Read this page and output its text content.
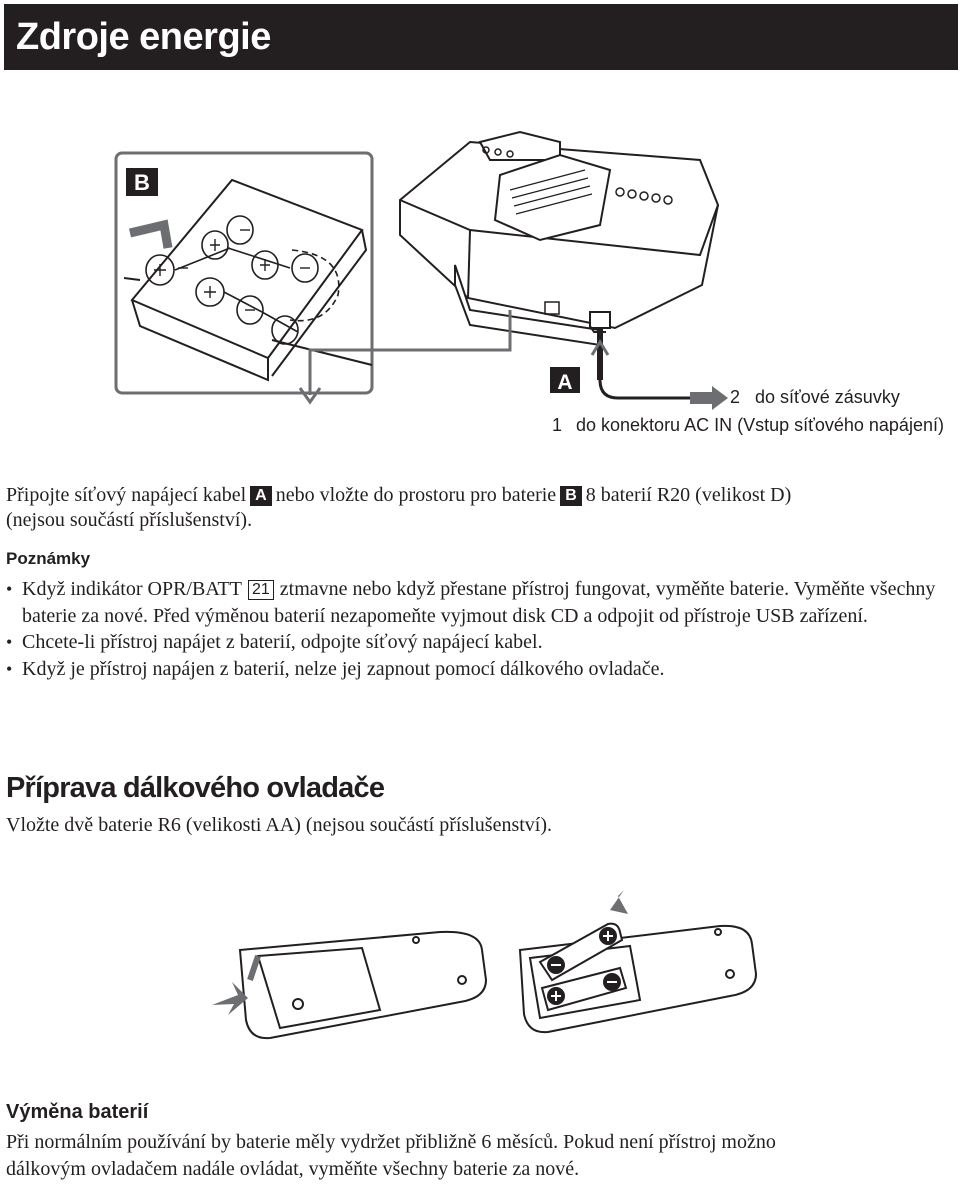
Zdroje energie
B
A
2 do síťové zásuvky
1 do konektoru AC IN (Vstup síťového napájení)
Připojte síťový napájecí kabel A nebo vložte do prostoru pro baterie B 8 baterií R20 (velikost D)
(nejsou součástí příslušenství).
Poznámky
• Když indikátor OPR/BATT 21 ztmavne nebo když přestane přístroj fungovat, vyměňte baterie. Vyměňte všechny baterie za nové. Před výměnou baterií nezapomeňte vyjmout disk CD a odpojit od přístroje USB zařízení.
• Chcete-li přístroj napájet z baterií, odpojte síťový napájecí kabel.
• Když je přístroj napájen z baterií, nelze jej zapnout pomocí dálkového ovladače.
Příprava dálkového ovladače
Vložte dvě baterie R6 (velikosti AA) (nejsou součástí příslušenství).
Výměna baterií
Při normálním používání by baterie měly vydržet přibližně 6 měsíců. Pokud není přístroj možno
dálkovým ovladačem nadále ovládat, vyměňte všechny baterie za nové.
